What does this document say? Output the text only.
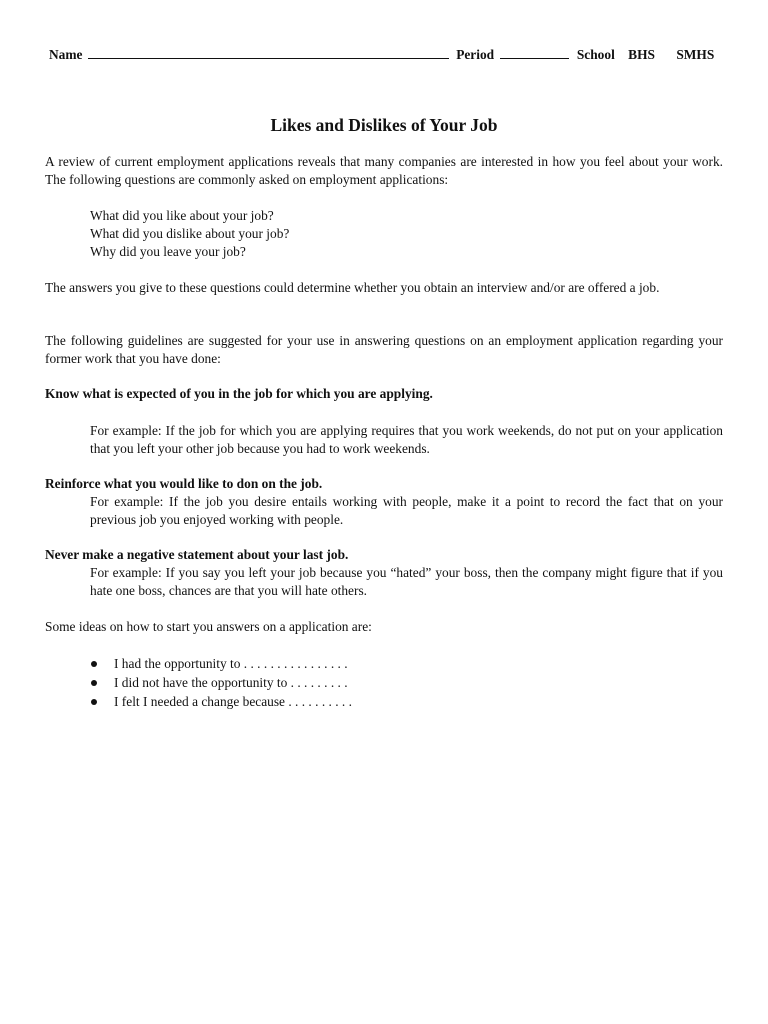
Name	Period	School BHS SMHS
Likes and Dislikes of Your Job
A review of current employment applications reveals that many companies are interested in how you feel about your work. The following questions are commonly asked on employment applications:
What did you like about your job?
What did you dislike about your job?
Why did you leave your job?
The answers you give to these questions could determine whether you obtain an interview and/or are offered a job.
The following guidelines are suggested for your use in answering questions on an employment application regarding your former work that you have done:
Know what is expected of you in the job for which you are applying.
For example: If the job for which you are applying requires that you work weekends, do not put on your application that you left your other job because you had to work weekends.
Reinforce what you would like to don on the job.
For example: If the job you desire entails working with people, make it a point to record the fact that on your previous job you enjoyed working with people.
Never make a negative statement about your last job.
For example: If you say you left your job because you “hated” your boss, then the company might figure that if you hate one boss, chances are that you will hate others.
Some ideas on how to start you answers on a application are:
I had the opportunity to . . . . . . . . . . . . . . . .
I did not have the opportunity to . . . . . . . . .
I felt I needed a change because . . . . . . . . . .
